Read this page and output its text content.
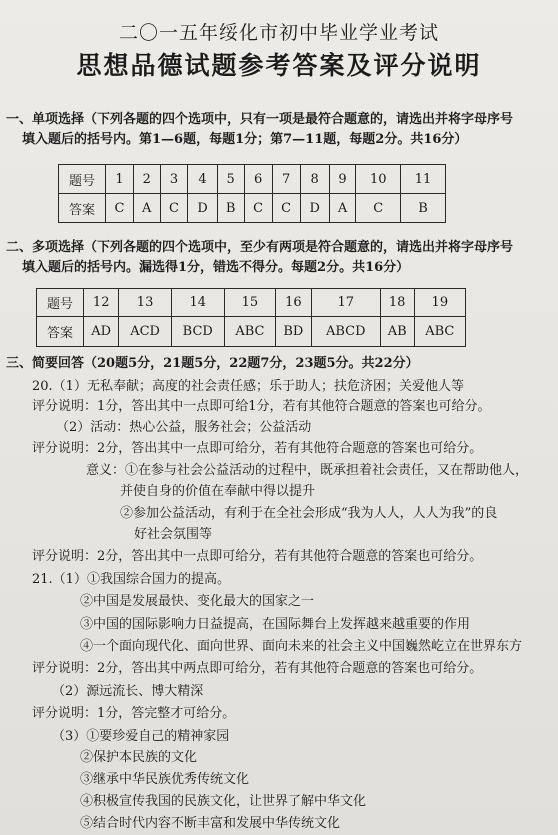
二〇一五年绥化市初中毕业学业考试
思想品德试题参考答案及评分说明
一、单项选择（下列各题的四个选项中，只有一项是最符合题意的，请选出并将字母序号
填入题后的括号内。第1—6题，每题1分；第7—11题，每题2分。共16分）
题号	1	2	3	4	5	6	7	8	9	10	11
答案	C	A	C	D	B	C	C	D	A	C	B
二、多项选择（下列各题的四个选项中，至少有两项是符合题意的，请选出并将字母序号
填入题后的括号内。漏选得1分，错选不得分。每题2分。共16分）
题号	12	13	14	15	16	17	18	19
答案	AD	ACD	BCD	ABC	BD	ABCD	AB	ABC
三、简要回答（20题5分，21题5分，22题7分，23题5分。共22分）
20.（1）无私奉献；高度的社会责任感；乐于助人；扶危济困；关爱他人等
评分说明：1分，答出其中一点即可给1分，若有其他符合题意的答案也可给分。
（2）活动：热心公益，服务社会；公益活动
评分说明：2分，答出其中一点即可给分，若有其他符合题意的答案也可给分。
意义：①在参与社会公益活动的过程中，既承担着社会责任，又在帮助他人，
并使自身的价值在奉献中得以提升
②参加公益活动，有利于在全社会形成“我为人人，人人为我”的良
好社会氛围等
评分说明：2分，答出其中一点即可给分，若有其他符合题意的答案也可给分。
21.（1）①我国综合国力的提高。
②中国是发展最快、变化最大的国家之一
③中国的国际影响力日益提高，在国际舞台上发挥越来越重要的作用
④一个面向现代化、面向世界、面向未来的社会主义中国巍然屹立在世界东方
评分说明：2分，答出其中两点即可给分，若有其他符合题意的答案也可给分。
（2）源远流长、博大精深
评分说明：1分，答完整才可给分。
（3）①要珍爱自己的精神家园
②保护本民族的文化
③继承中华民族优秀传统文化
④积极宣传我国的民族文化，让世界了解中华文化
⑤结合时代内容不断丰富和发展中华传统文化
